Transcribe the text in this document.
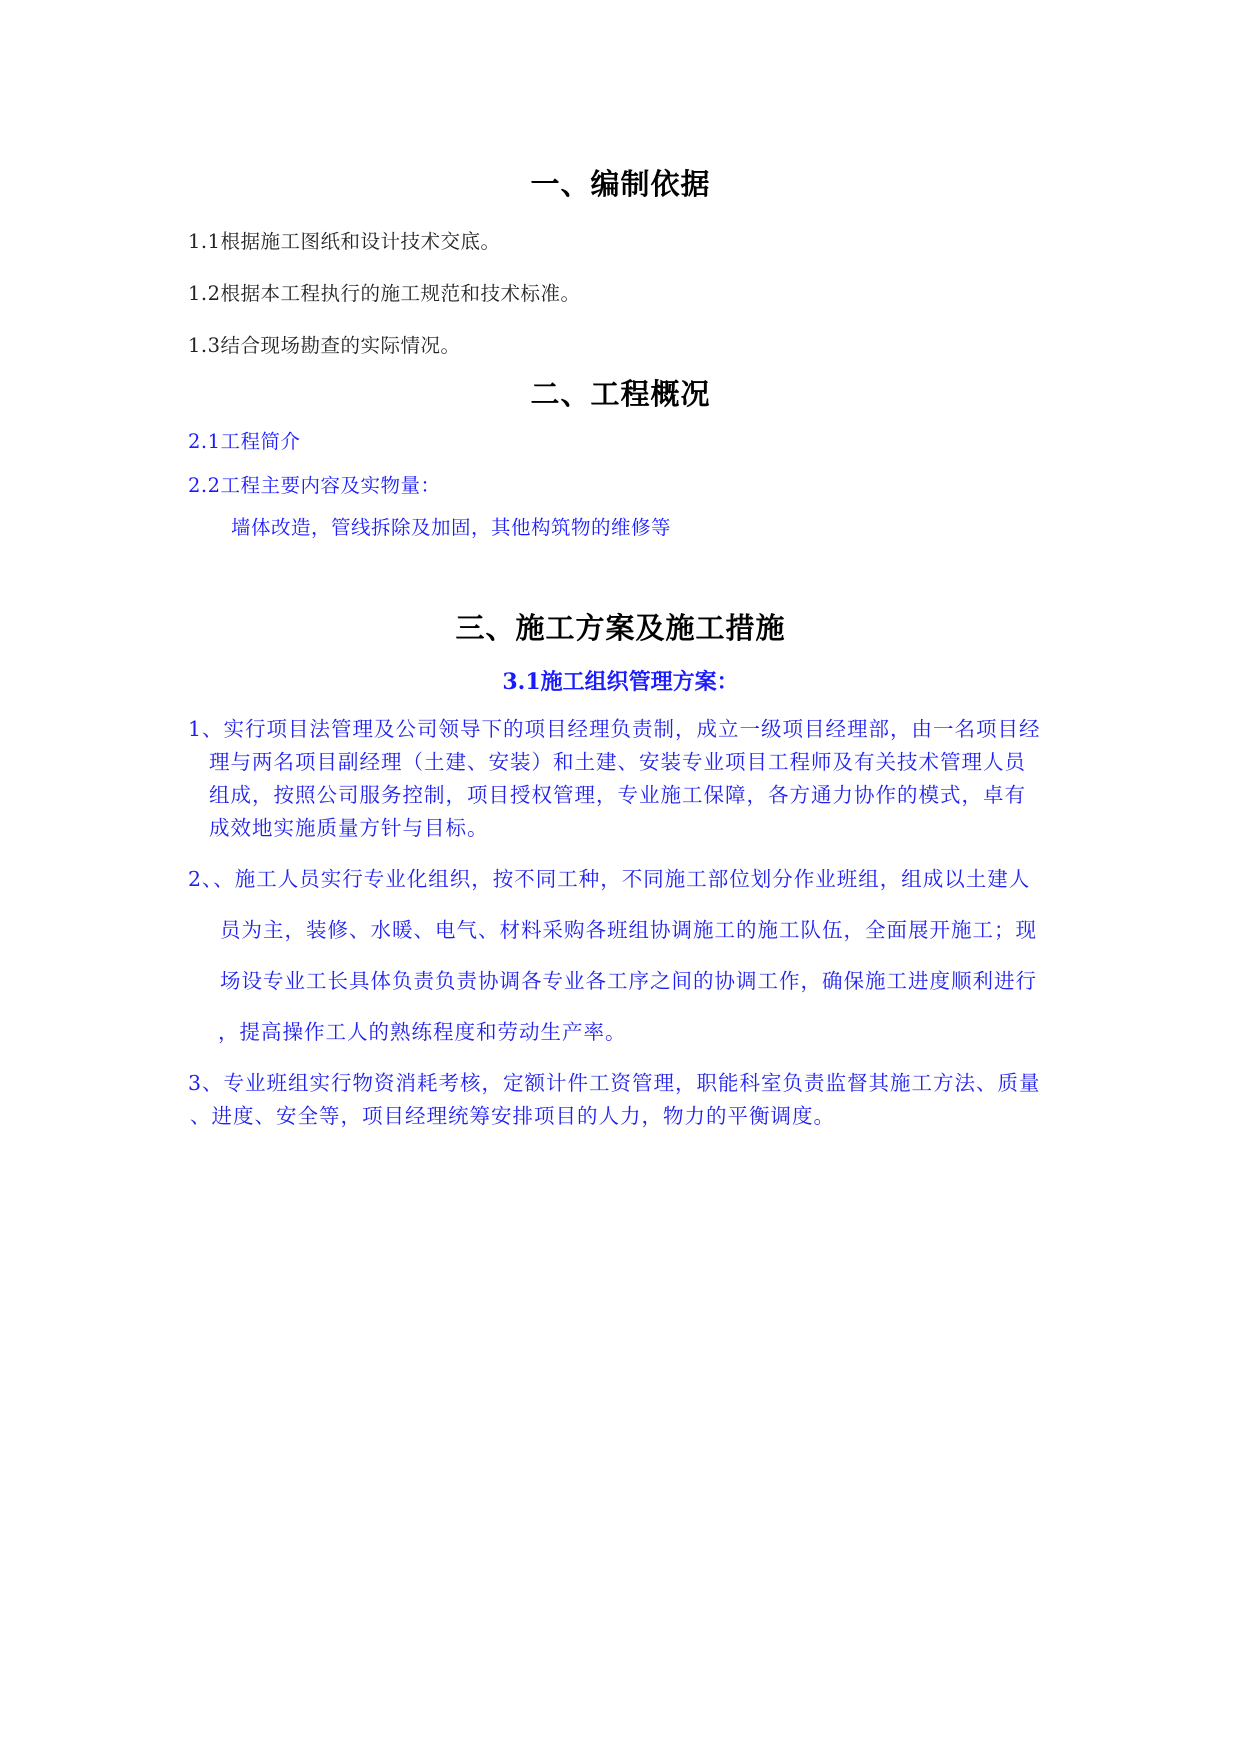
一、编制依据
1.1根据施工图纸和设计技术交底。
1.2根据本工程执行的施工规范和技术标准。
1.3结合现场勘查的实际情况。
二、工程概况
2.1工程简介
2.2工程主要内容及实物量：
墙体改造，管线拆除及加固，其他构筑物的维修等
三、施工方案及施工措施
3.1施工组织管理方案：
1、实行项目法管理及公司领导下的项目经理负责制，成立一级项目经理部，由一名项目经
理与两名项目副经理（土建、安装）和土建、安装专业项目工程师及有关技术管理人员
组成，按照公司服务控制，项目授权管理，专业施工保障，各方通力协作的模式，卓有
成效地实施质量方针与目标。
2、、施工人员实行专业化组织，按不同工种，不同施工部位划分作业班组，组成以土建人
员为主，装修、水暖、电气、材料采购各班组协调施工的施工队伍，全面展开施工；现
场设专业工长具体负责负责协调各专业各工序之间的协调工作，确保施工进度顺利进行
，提高操作工人的熟练程度和劳动生产率。
3、专业班组实行物资消耗考核，定额计件工资管理，职能科室负责监督其施工方法、质量
、进度、安全等，项目经理统筹安排项目的人力，物力的平衡调度。
